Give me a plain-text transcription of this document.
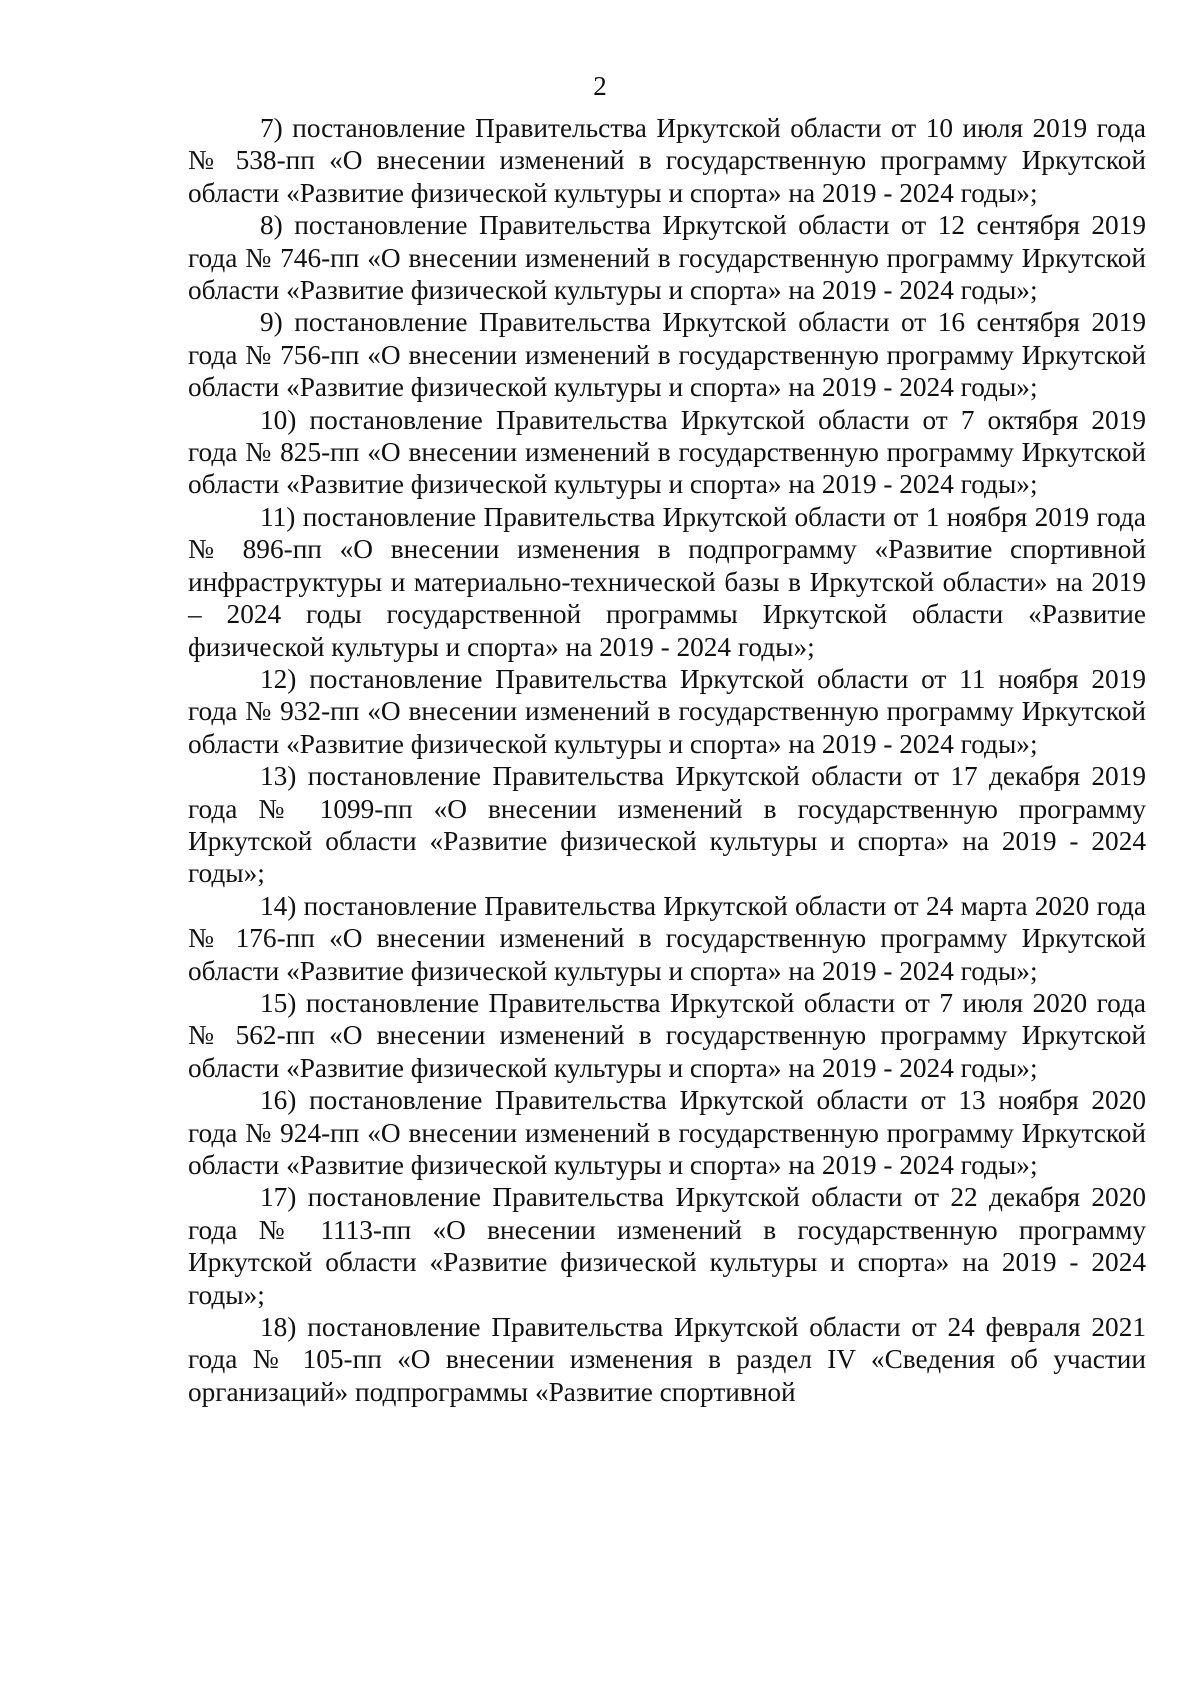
2

7) постановление Правительства Иркутской области от 10 июля 2019 года № 538-пп «О внесении изменений в государственную программу Иркутской области «Развитие физической культуры и спорта» на 2019 - 2024 годы»;

8) постановление Правительства Иркутской области от 12 сентября 2019 года № 746-пп «О внесении изменений в государственную программу Иркутской области «Развитие физической культуры и спорта» на 2019 - 2024 годы»;

9) постановление Правительства Иркутской области от 16 сентября 2019 года № 756-пп «О внесении изменений в государственную программу Иркутской области «Развитие физической культуры и спорта» на 2019 - 2024 годы»;

10) постановление Правительства Иркутской области от 7 октября 2019 года № 825-пп «О внесении изменений в государственную программу Иркутской области «Развитие физической культуры и спорта» на 2019 - 2024 годы»;

11) постановление Правительства Иркутской области от 1 ноября 2019 года № 896-пп «О внесении изменения в подпрограмму «Развитие спортивной инфраструктуры и материально-технической базы в Иркутской области» на 2019 – 2024 годы государственной программы Иркутской области «Развитие физической культуры и спорта» на 2019 - 2024 годы»;

12) постановление Правительства Иркутской области от 11 ноября 2019 года № 932-пп «О внесении изменений в государственную программу Иркутской области «Развитие физической культуры и спорта» на 2019 - 2024 годы»;

13) постановление Правительства Иркутской области от 17 декабря 2019 года № 1099-пп «О внесении изменений в государственную программу Иркутской области «Развитие физической культуры и спорта» на 2019 - 2024 годы»;

14) постановление Правительства Иркутской области от 24 марта 2020 года № 176-пп «О внесении изменений в государственную программу Иркутской области «Развитие физической культуры и спорта» на 2019 - 2024 годы»;

15) постановление Правительства Иркутской области от 7 июля 2020 года № 562-пп «О внесении изменений в государственную программу Иркутской области «Развитие физической культуры и спорта» на 2019 - 2024 годы»;

16) постановление Правительства Иркутской области от 13 ноября 2020 года № 924-пп «О внесении изменений в государственную программу Иркутской области «Развитие физической культуры и спорта» на 2019 - 2024 годы»;

17) постановление Правительства Иркутской области от 22 декабря 2020 года № 1113-пп «О внесении изменений в государственную программу Иркутской области «Развитие физической культуры и спорта» на 2019 - 2024 годы»;

18) постановление Правительства Иркутской области от 24 февраля 2021 года № 105-пп «О внесении изменения в раздел IV «Сведения об участии организаций» подпрограммы «Развитие спортивной
